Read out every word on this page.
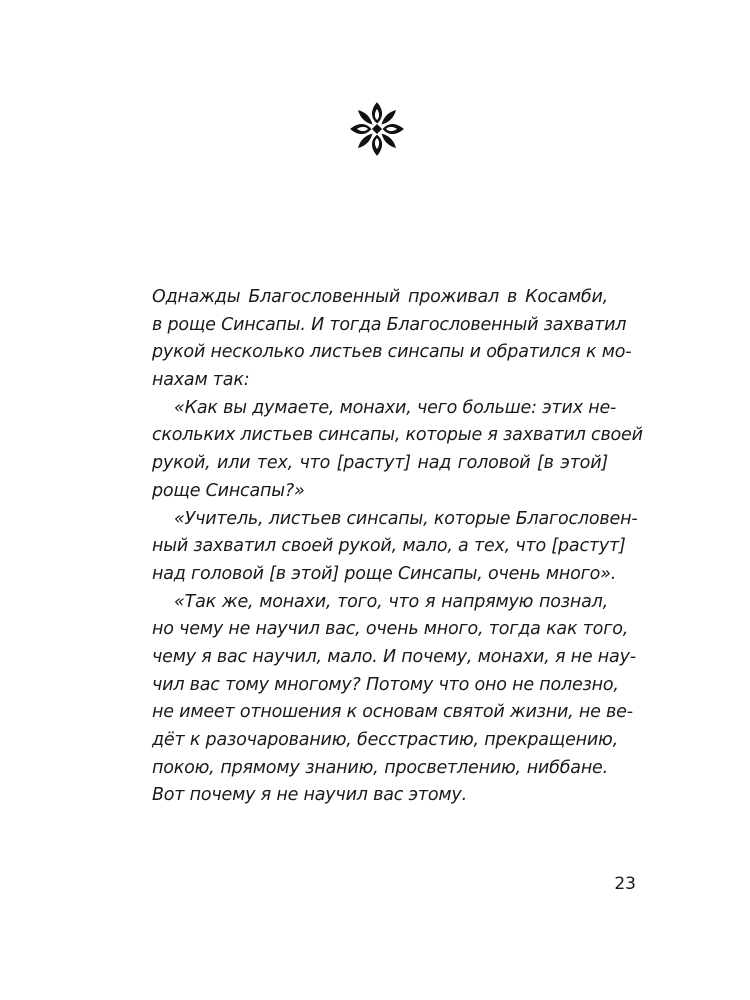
Однажды Благословенный проживал в Косамби,
в роще Синсапы. И тогда Благословенный захватил
рукой несколько листьев синсапы и обратился к мо-
нахам так:
«Как вы думаете, монахи, чего больше: этих не-
скольких листьев синсапы, которые я захватил своей
рукой, или тех, что [растут] над головой [в этой]
роще Синсапы?»
«Учитель, листьев синсапы, которые Благословен-
ный захватил своей рукой, мало, а тех, что [растут]
над головой [в этой] роще Синсапы, очень много».
«Так же, монахи, того, что я напрямую познал,
но чему не научил вас, очень много, тогда как того,
чему я вас научил, мало. И почему, монахи, я не нау-
чил вас тому многому? Потому что оно не полезно,
не имеет отношения к основам святой жизни, не ве-
дёт к разочарованию, бесстрастию, прекращению,
покою, прямому знанию, просветлению, ниббане.
Вот почему я не научил вас этому.
23
